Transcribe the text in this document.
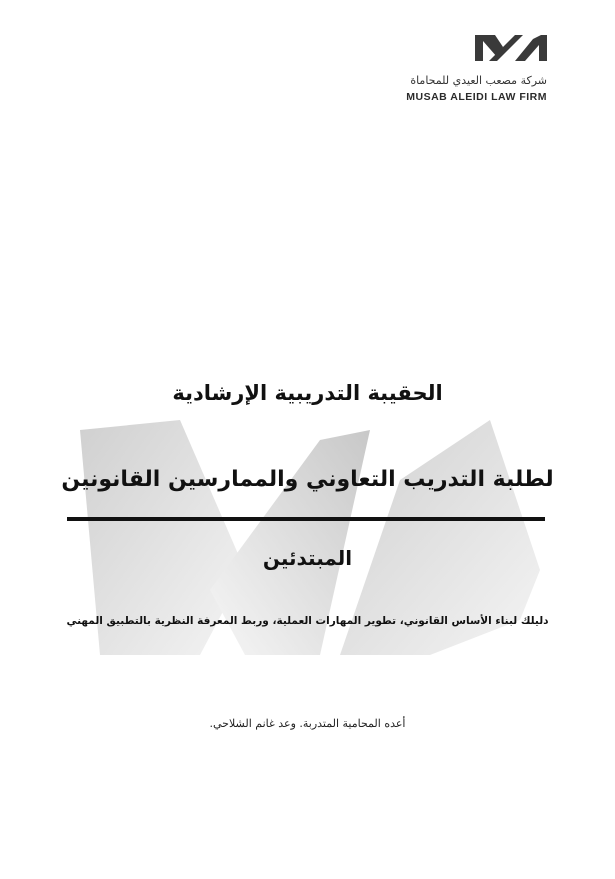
شركة مصعب العيدي للمحاماة
MUSAB ALEIDI LAW FIRM
الحقيبة التدريبية الإرشادية
لطلبة التدريب التعاوني والممارسين القانونين
المبتدئين
دليلك لبناء الأساس القانوني، تطوير المهارات العملية، وربط المعرفة النظرية بالتطبيق المهني
أعده المحامية المتدربة. وعد غانم الشلاحي.
